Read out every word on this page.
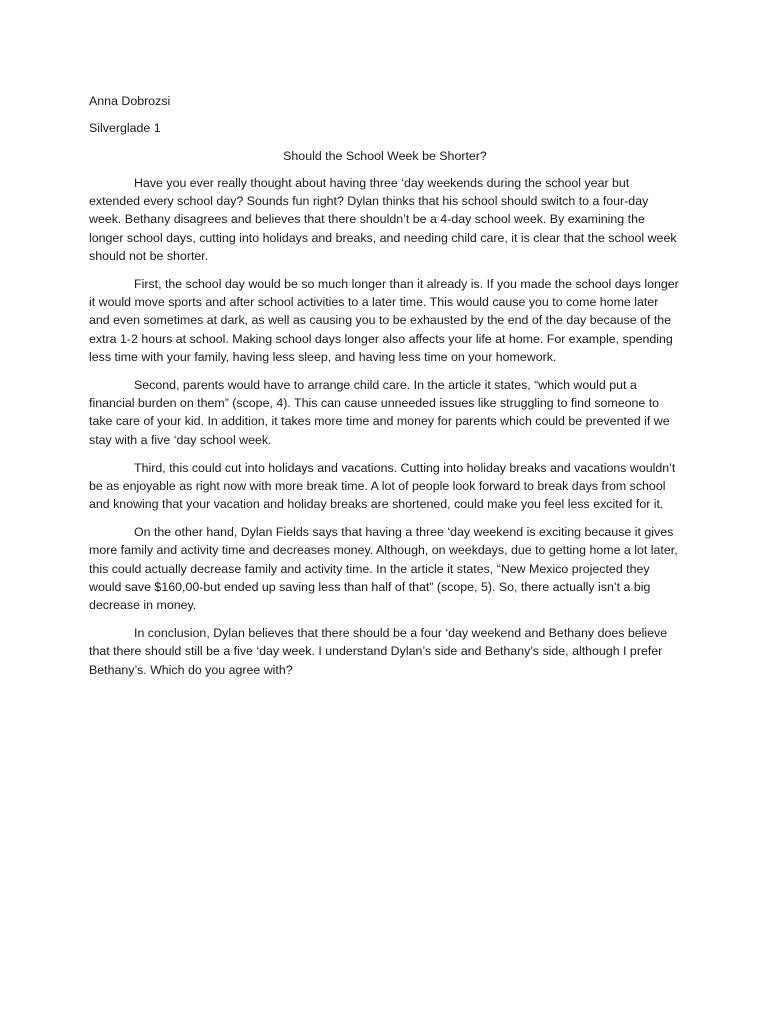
Anna Dobrozsi

Silverglade 1

Should the School Week be Shorter?

Have you ever really thought about having three ‘day weekends during the school year but extended every school day? Sounds fun right? Dylan thinks that his school should switch to a four-day week. Bethany disagrees and believes that there shouldn’t be a 4-day school week. By examining the longer school days, cutting into holidays and breaks, and needing child care, it is clear that the school week should not be shorter.

First, the school day would be so much longer than it already is. If you made the school days longer it would move sports and after school activities to a later time. This would cause you to come home later and even sometimes at dark, as well as causing you to be exhausted by the end of the day because of the extra 1-2 hours at school. Making school days longer also affects your life at home. For example, spending less time with your family, having less sleep, and having less time on your homework.

Second, parents would have to arrange child care. In the article it states, “which would put a financial burden on them” (scope, 4). This can cause unneeded issues like struggling to find someone to take care of your kid. In addition, it takes more time and money for parents which could be prevented if we stay with a five ‘day school week.

Third, this could cut into holidays and vacations. Cutting into holiday breaks and vacations wouldn’t be as enjoyable as right now with more break time. A lot of people look forward to break days from school and knowing that your vacation and holiday breaks are shortened, could make you feel less excited for it.

On the other hand, Dylan Fields says that having a three ‘day weekend is exciting because it gives more family and activity time and decreases money. Although, on weekdays, due to getting home a lot later, this could actually decrease family and activity time. In the article it states, “New Mexico projected they would save $160,00-but ended up saving less than half of that” (scope, 5). So, there actually isn’t a big decrease in money.

In conclusion, Dylan believes that there should be a four ‘day weekend and Bethany does believe that there should still be a five ‘day week. I understand Dylan’s side and Bethany’s side, although I prefer Bethany’s. Which do you agree with?
